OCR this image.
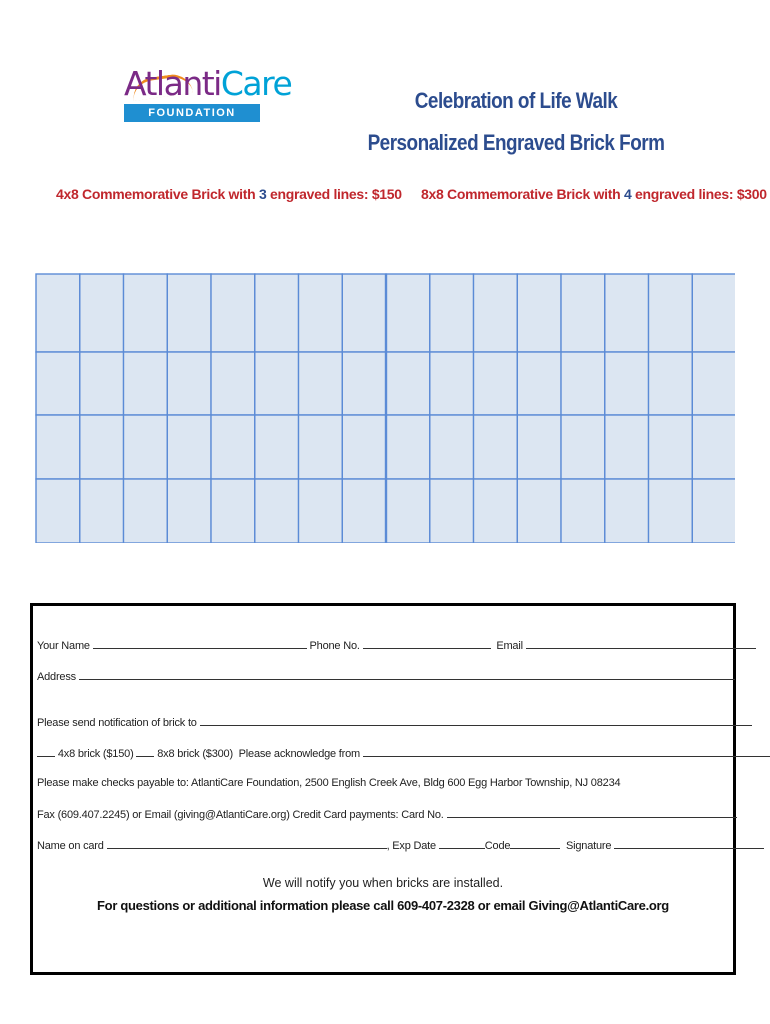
AtlantiCare
FOUNDATION	Celebration of Life Walk
Personalized Engraved Brick Form
4x8 Commemorative Brick with 3 engraved lines: $150 8x8 Commemorative Brick with 4 engraved lines: $300
Your Name	Phone No.	Email
Address
Please send notification of brick to
4x8 brick ($150) 8x8 brick ($300) Please acknowledge from
Please make checks payable to: AtlantiCare Foundation, 2500 English Creek Ave, Bldg 600 Egg Harbor Township, NJ 08234
Fax (609.407.2245) or Email (giving@AtlantiCare.org) Credit Card payments: Card No.
Name on card	, Exp Date	Code	Signature
We will notify you when bricks are installed.
For questions or additional information please call 609-407-2328 or email Giving@AtlantiCare.org
